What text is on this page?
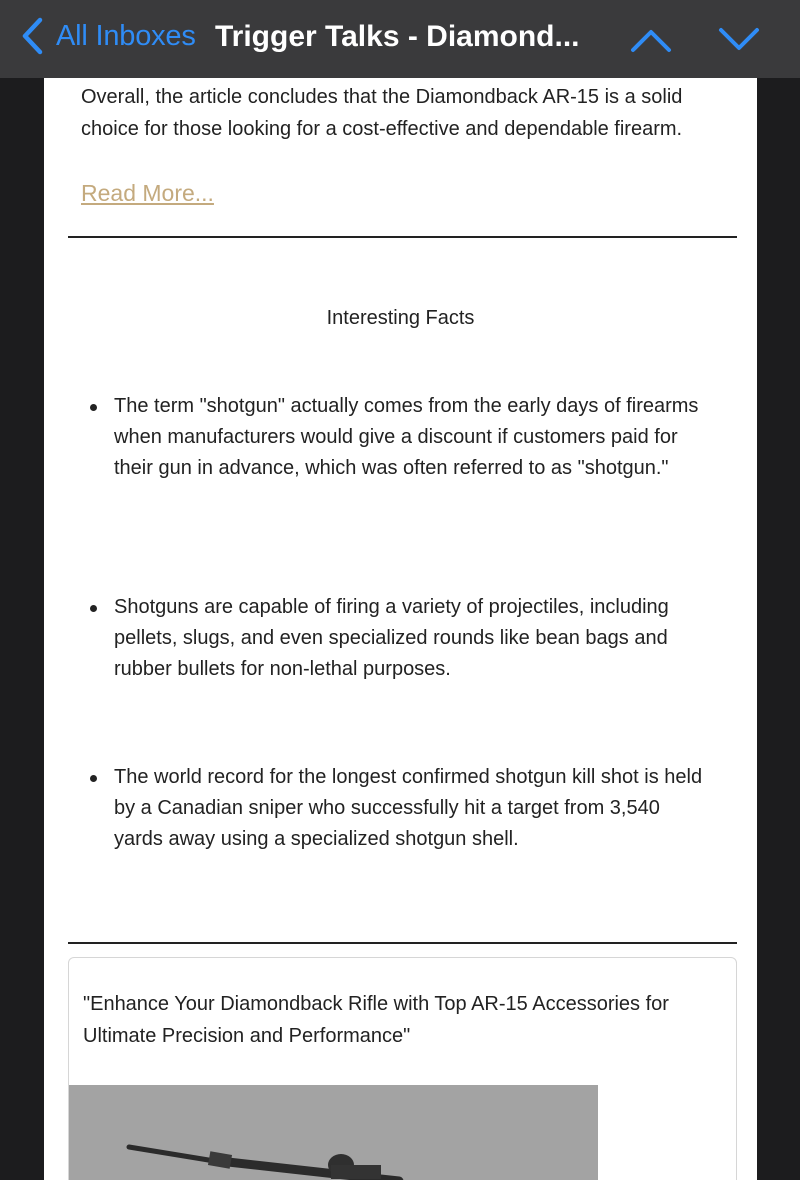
All Inboxes Trigger Talks - Diamond...
Overall, the article concludes that the Diamondback AR-15 is a solid choice for those looking for a cost-effective and dependable firearm.
Read More...
Interesting Facts
The term "shotgun" actually comes from the early days of firearms when manufacturers would give a discount if customers paid for their gun in advance, which was often referred to as "shotgun."
Shotguns are capable of firing a variety of projectiles, including pellets, slugs, and even specialized rounds like bean bags and rubber bullets for non-lethal purposes.
The world record for the longest confirmed shotgun kill shot is held by a Canadian sniper who successfully hit a target from 3,540 yards away using a specialized shotgun shell.
"Enhance Your Diamondback Rifle with Top AR-15 Accessories for Ultimate Precision and Performance"
